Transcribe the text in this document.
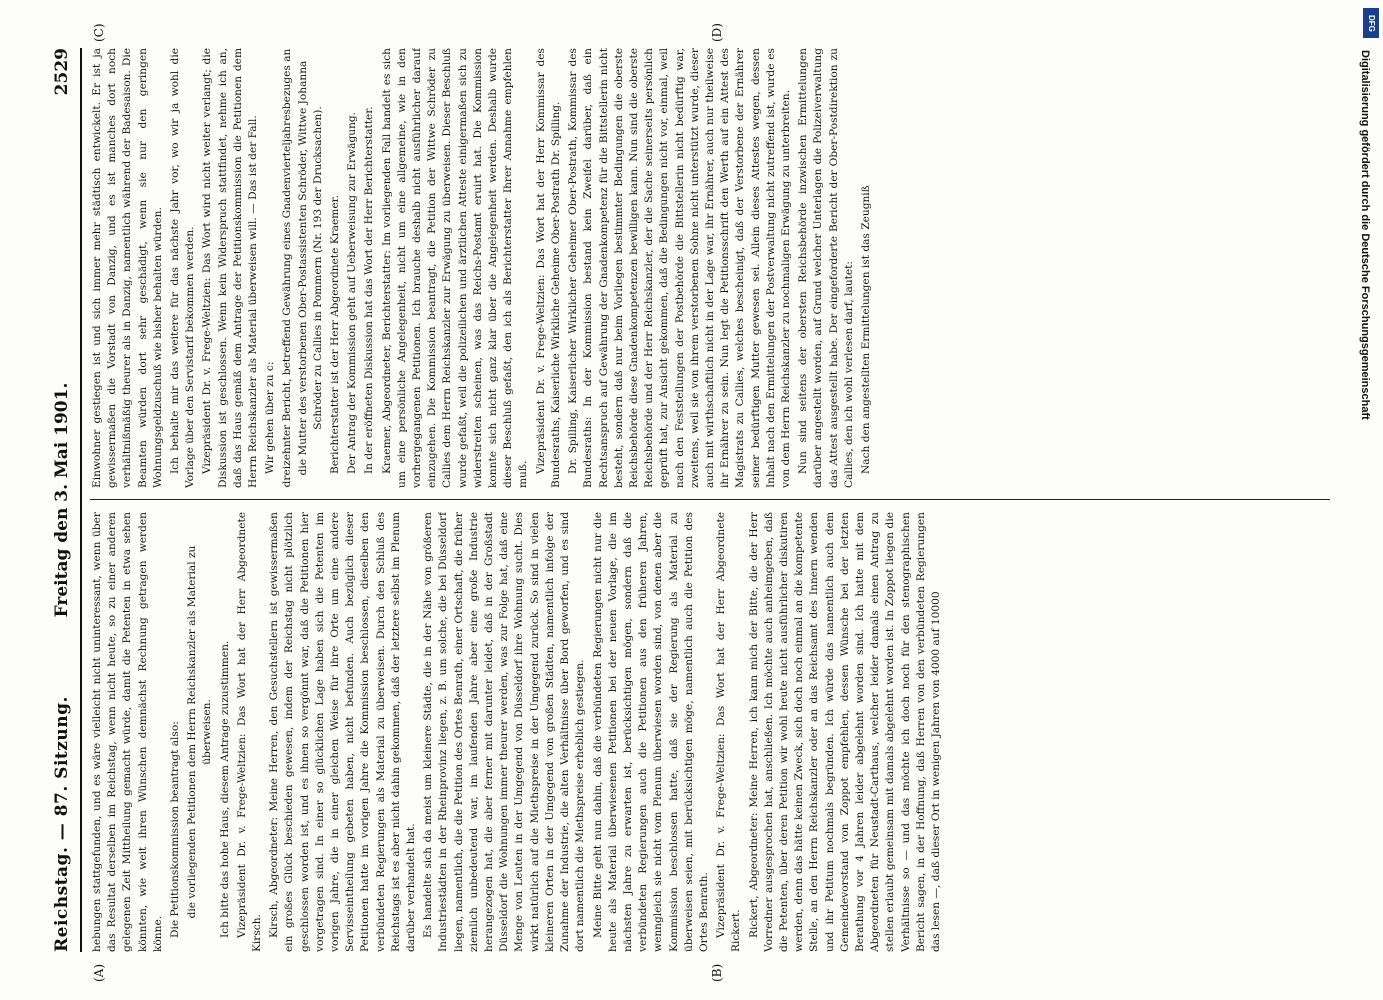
Reichstag. — 87. Sitzung.
Freitag den 3. Mai 1901.
2529
(A)	(B)
(C)	(D)

hebungen stattgefunden, und es wäre vielleicht nicht uninteressant, wenn über das Resultat derselben im Reichstag, wenn nicht heute, so zu einer anderen gelegenen Zeit Mittheilung gemacht würde, damit die Petenten in etwa sehen könnten, wie weit ihren Wünschen demnächst Rechnung getragen werden könne. Die Petitionskommission beantragt also: die vorliegenden Petitionen dem Herrn Reichskanzler als Material zu überweisen. Ich bitte das hohe Haus, diesem Antrage zuzustimmen. Vizepräsident Dr. v. Frege-Weltzien: Das Wort hat der Herr Abgeordnete Kirsch. Kirsch, Abgeordneter: Meine Herren, den Gesuchstellern ist gewissermaßen ein großes Glück beschieden gewesen, indem der Reichstag nicht plötzlich geschlossen worden ist, und es ihnen so vergönnt war, daß die Petitionen hier vorgetragen sind. In einer so glücklichen Lage haben sich die Petenten im vorigen Jahre, die in einer gleichen Weise für ihre Orte um eine andere Servisseintheilung gebeten haben, nicht befunden. Auch bezüglich dieser Petitionen hatte im vorigen Jahre die Kommission beschlossen, dieselben den verbündeten Regierungen als Material zu überweisen. Durch den Schluß des Reichstags ist es aber nicht dahin gekommen, daß der letztere selbst im Plenum darüber verhandelt hat. Es handelte sich da meist um kleinere Städte, die in der Nähe von größeren Industriestädten in der Rheinprovinz liegen, z. B. um solche, die bei Düsseldorf liegen, namentlich, die die Petition des Ortes Benrath, einer Ortschaft, die früher ziemlich unbedeutend war, im laufenden Jahre aber eine große Industrie herangezogen hat, die aber ferner mit darunter leidet, daß in der Großstadt Düsseldorf die Wohnungen immer theurer werden, was zur Folge hat, daß eine Menge von Leuten in der Umgegend von Düsseldorf ihre Wohnung sucht. Dies wirkt natürlich auf die Miethspreise in der Umgegend zurück. So sind in vielen kleineren Orten in der Umgegend von großen Städten, namentlich infolge der Zunahme der Industrie, die alten Verhältnisse über Bord geworfen, und es sind dort namentlich die Miethspreise erheblich gestiegen. Meine Bitte geht nun dahin, daß die verbündeten Regierungen nicht nur die heute als Material überwiesenen Petitionen bei der neuen Vorlage, die im nächsten Jahre zu erwarten ist, berücksichtigen mögen, sondern daß die verbündeten Regierungen auch die Petitionen aus den früheren Jahren, wenngleich sie nicht vom Plenum überwiesen worden sind, von denen aber die Kommission beschlossen hatte, daß sie der Regierung als Material zu überweisen seien, mit berücksichtigen möge, namentlich auch die Petition des Ortes Benrath. Vizepräsident Dr. v. Frege-Weltzien: Das Wort hat der Herr Abgeordnete Rickert. Rickert, Abgeordneter: Meine Herren, ich kann mich der Bitte, die der Herr Vorredner ausgesprochen hat, anschließen. Ich möchte auch anheimgeben, daß die Petenten, über deren Petition wir wohl heute nicht ausführlicher diskutiren werden, denn das hätte keinen Zweck, sich doch noch einmal an die kompetente Stelle, an den Herrn Reichskanzler oder an das Reichsamt des Innern wenden und ihr Petitum nochmals begründen. Ich würde das namentlich auch dem Gemeindevorstand von Zoppot empfehlen, dessen Wünsche bei der letzten Berathung vor 4 Jahren leider abgelehnt worden sind. Ich hatte mit dem Abgeordneten für Neustadt-Carthaus, welcher leider damals einen Antrag zu stellen erlaubt gemeinsam mit damals abgelehnt worden ist. In Zoppot liegen die Verhältnisse so — und das möchte ich doch noch für den stenographischen Bericht sagen, in der Hoffnung, daß Herren von den verbündeten Regierungen das lesen —, daß dieser Ort in wenigen Jahren von 4000 auf 10000

Einwohner gestiegen ist und sich immer mehr städtisch entwickelt. Er ist ja gewissermaßen die Vorstadt von Danzig, und es ist manches dort noch verhältnißmäßig theurer als in Danzig, namentlich während der Badesaison. Die Beamten würden dort sehr geschädigt, wenn sie nur den geringen Wohnungsgeldzuschuß wie bisher behalten würden. Ich behalte mir das weitere für das nächste Jahr vor, wo wir ja wohl die Vorlage über den Servistarif bekommen werden. Vizepräsident Dr. v. Frege-Weltzien: Das Wort wird nicht weiter verlangt; die Diskussion ist geschlossen. Wenn kein Widerspruch stattfindet, nehme ich an, daß das Haus gemäß dem Antrage der Petitionskommission die Petitionen dem Herrn Reichskanzler als Material überweisen will. — Das ist der Fall. Wir gehen über zu c: dreizehnter Bericht, betreffend Gewährung eines Gnadenvierteljahresbezuges an die Mutter des verstorbenen Ober-Postassistenten Schröder, Wittwe Johanna Schröder zu Callies in Pommern (Nr. 193 der Drucksachen). Berichterstatter ist der Herr Abgeordnete Kraemer. Der Antrag der Kommission geht auf Ueberweisung zur Erwägung. In der eröffneten Diskussion hat das Wort der Herr Berichterstatter. Kraemer, Abgeordneter, Berichterstatter: Im vorliegenden Fall handelt es sich um eine persönliche Angelegenheit, nicht um eine allgemeine, wie in den vorhergegangenen Petitionen. Ich brauche deshalb nicht ausführlicher darauf einzugehen. Die Kommission beantragt, die Petition der Wittwe Schröder zu Callies dem Herrn Reichskanzler zur Erwägung zu überweisen. Dieser Beschluß wurde gefaßt, weil die polizeilichen und ärztlichen Atteste einigermaßen sich zu widerstreiten scheinen, was das Reichs-Postamt eruirt hat. Die Kommission konnte sich nicht ganz klar über die Angelegenheit werden. Deshalb wurde dieser Beschluß gefaßt, den ich als Berichterstatter Ihrer Annahme empfehlen muß.

Vizepräsident Dr. v. Frege-Weltzien: Das Wort hat der Herr Kommissar des Bundesraths, Kaiserliche Wirkliche Geheime Ober-Postrath Dr. Spilling. Dr. Spilling, Kaiserlicher Wirklicher Geheimer Ober-Postrath, Kommissar des Bundesraths: In der Kommission bestand kein Zweifel darüber, daß ein Rechtsanspruch auf Gewährung der Gnadenkompetenz für die Bittstellerin nicht besteht, sondern daß nur beim Vorliegen bestimmter Bedingungen die oberste Reichsbehörde diese Gnadenkompetenzen bewilligen kann. Nun sind die oberste Reichsbehörde und der Herr Reichskanzler, der die Sache seinerseits persönlich geprüft hat, zur Ansicht gekommen, daß die Bedingungen nicht vor, einmal, weil nach den Feststellungen der Postbehörde die Bittstellerin nicht bedürftig war, zweitens, weil sie von ihrem verstorbenen Sohne nicht unterstützt wurde, dieser auch mit wirthschaftlich nicht in der Lage war, ihr Ernährer, auch nur theilweise ihr Ernährer zu sein. Nun legt die Petitionsschrift den Werth auf ein Attest des Magistrats zu Callies, welches bescheinigt, daß der Verstorbene der Ernährer seiner bedürftigen Mutter gewesen sei. Allein dieses Attestes wegen, dessen Inhalt nach den Ermittelungen der Postverwaltung nicht zutreffend ist, wurde es von dem Herrn Reichskanzler zu nochmaligen Erwägung zu unterbreiten. Nun sind seitens der obersten Reichsbehörde inzwischen Ermittelungen darüber angestellt worden, auf Grund welcher Unterlagen die Polizeiverwaltung das Attest ausgestellt habe. Der eingeforderte Bericht der Ober-Postdirektion zu Callies, den ich wohl verlesen darf, lautet: Nach den angestellten Ermittelungen ist das Zeugniß	Digitalisierung gefördert durch die Deutsche Forschungsgemeinschaft
DFG
